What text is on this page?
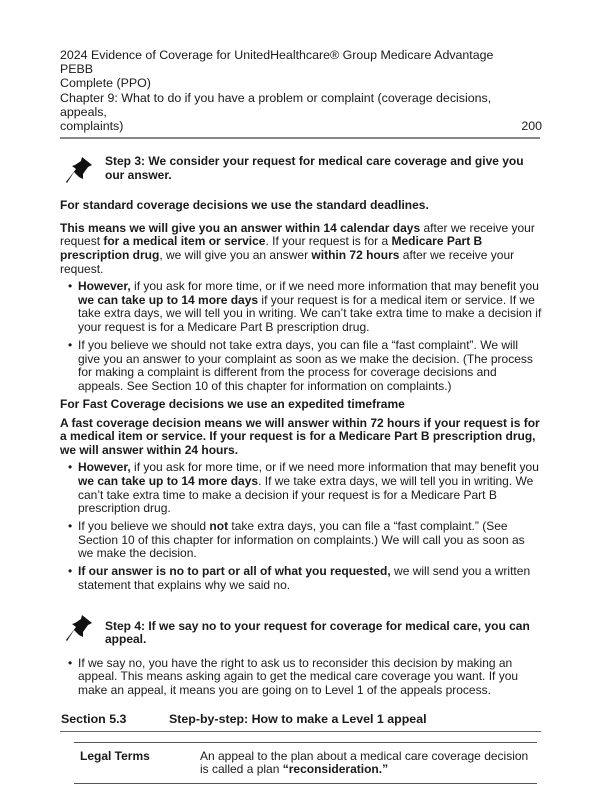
2024 Evidence of Coverage for UnitedHealthcare® Group Medicare Advantage PEBB
Complete (PPO)
Chapter 9: What to do if you have a problem or complaint (coverage decisions, appeals,
complaints)	200
Step 3: We consider your request for medical care coverage and give you our answer.

For standard coverage decisions we use the standard deadlines.

This means we will give you an answer within 14 calendar days after we receive your request for a medical item or service. If your request is for a Medicare Part B prescription drug, we will give you an answer within 72 hours after we receive your request.

• However, if you ask for more time, or if we need more information that may benefit you we can take up to 14 more days if your request is for a medical item or service. If we take extra days, we will tell you in writing. We can’t take extra time to make a decision if your request is for a Medicare Part B prescription drug.
• If you believe we should not take extra days, you can file a “fast complaint”. We will give you an answer to your complaint as soon as we make the decision. (The process for making a complaint is different from the process for coverage decisions and appeals. See Section 10 of this chapter for information on complaints.)

For Fast Coverage decisions we use an expedited timeframe

A fast coverage decision means we will answer within 72 hours if your request is for a medical item or service. If your request is for a Medicare Part B prescription drug, we will answer within 24 hours.

• However, if you ask for more time, or if we need more information that may benefit you we can take up to 14 more days. If we take extra days, we will tell you in writing. We can’t take extra time to make a decision if your request is for a Medicare Part B prescription drug.
• If you believe we should not take extra days, you can file a “fast complaint.” (See Section 10 of this chapter for information on complaints.) We will call you as soon as we make the decision.
• If our answer is no to part or all of what you requested, we will send you a written statement that explains why we said no.
Step 4: If we say no to your request for coverage for medical care, you can appeal.
• If we say no, you have the right to ask us to reconsider this decision by making an appeal. This means asking again to get the medical care coverage you want. If you make an appeal, it means you are going on to Level 1 of the appeals process.
Section 5.3	Step-by-step: How to make a Level 1 appeal
Legal Terms	An appeal to the plan about a medical care coverage decision is called a plan “reconsideration.”
